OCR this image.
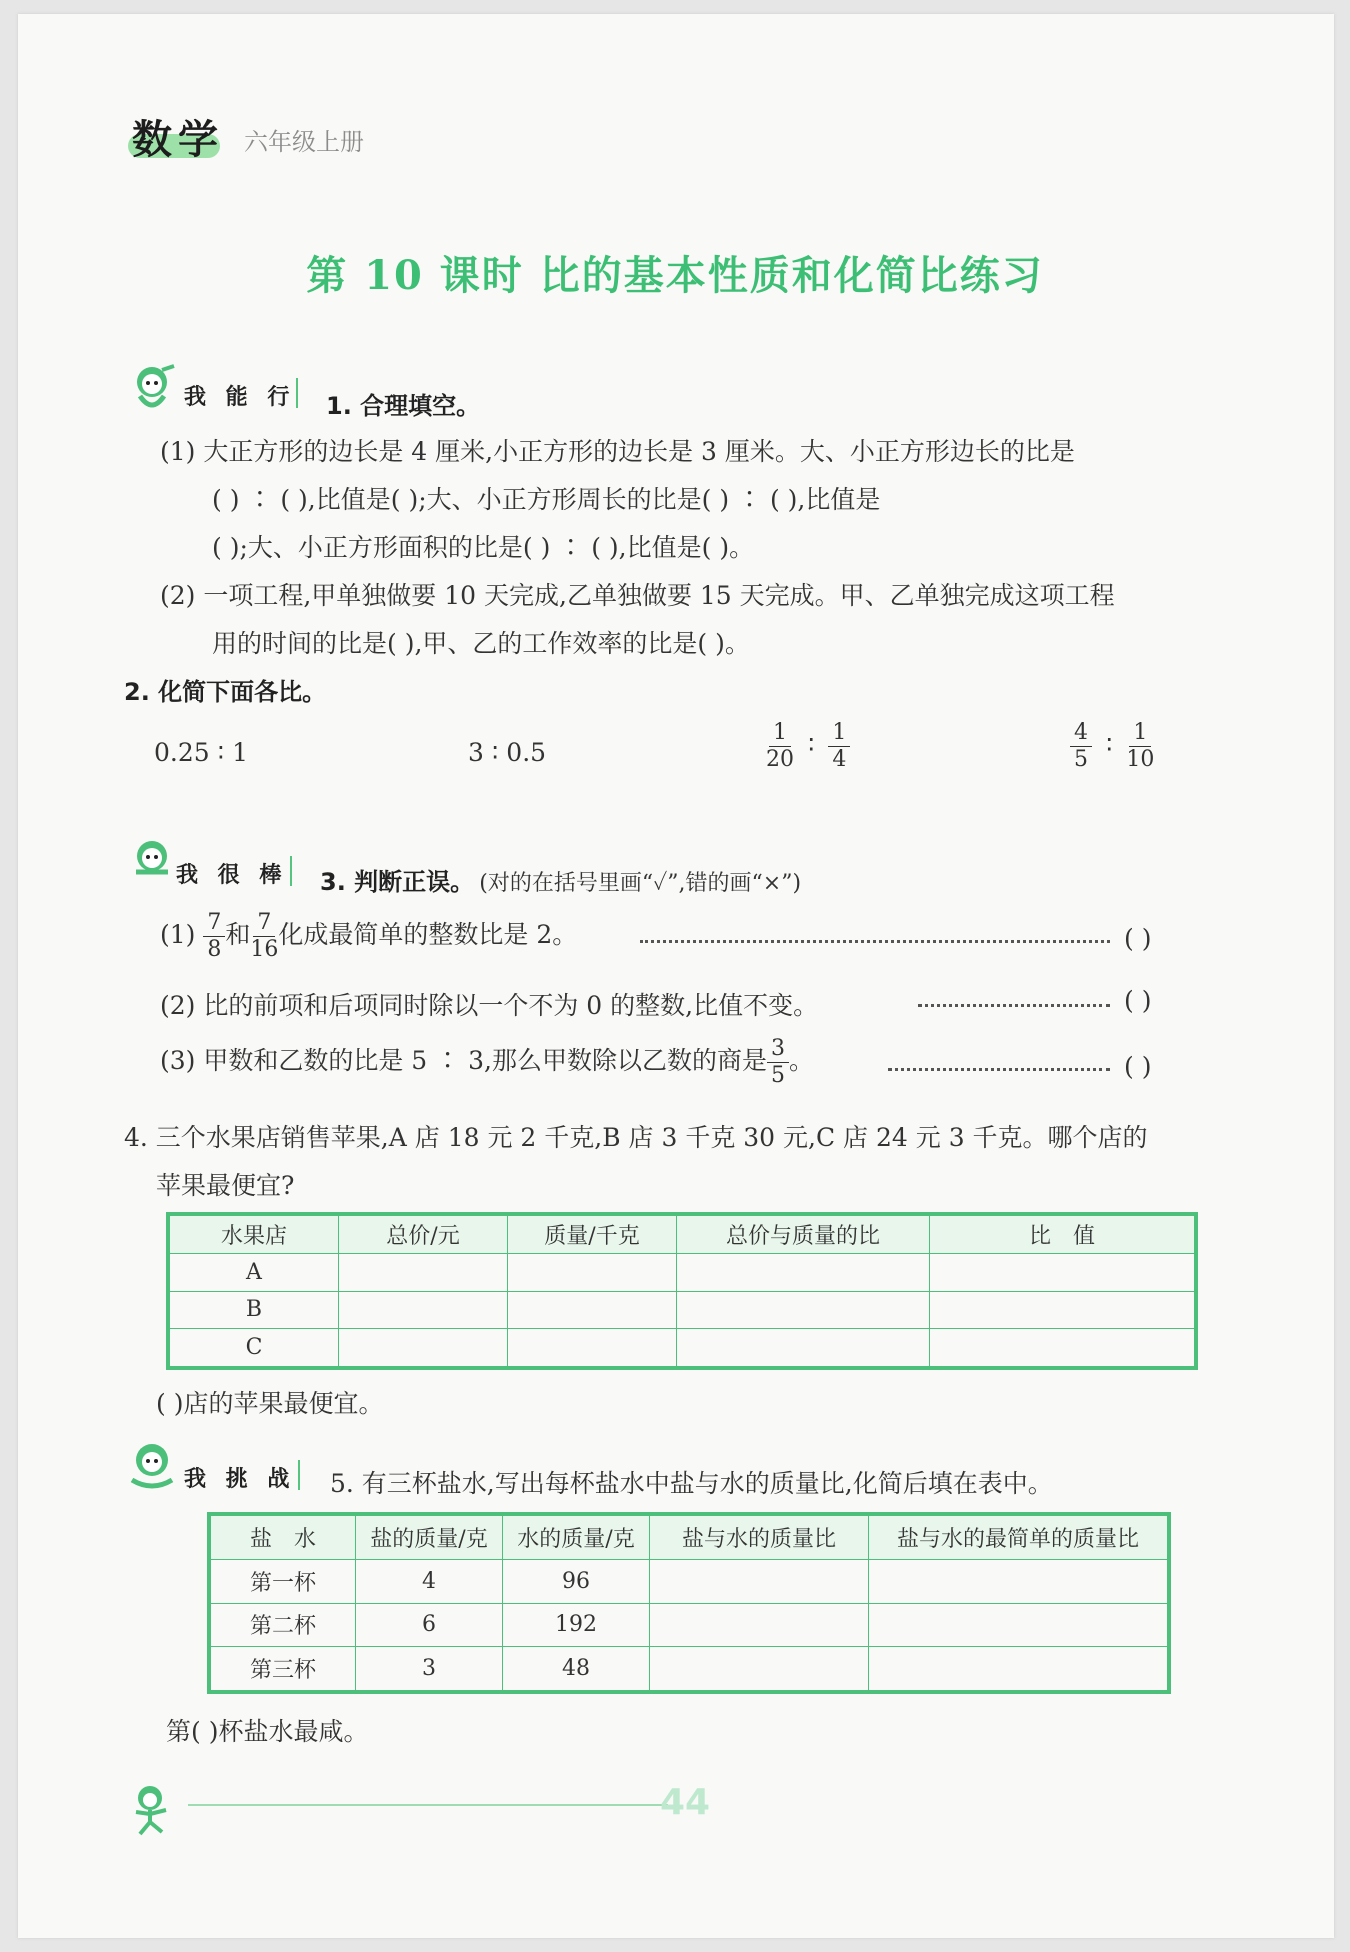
数学 六年级上册
第 10 课时 比的基本性质和化简比练习
我 能 行 1. 合理填空。
(1) 大正方形的边长是 4 厘米,小正方形的边长是 3 厘米。大、小正方形边长的比是
( ) ∶ ( ),比值是( );大、小正方形周长的比是( ) ∶ ( ),比值是
( );大、小正方形面积的比是( ) ∶ ( ),比值是( )。
(2) 一项工程,甲单独做要 10 天完成,乙单独做要 15 天完成。甲、乙单独完成这项工程
用的时间的比是( ),甲、乙的工作效率的比是( )。
2. 化简下面各比。
0.25 ∶ 1	3 ∶ 0.5	$\frac{1}{20}$ ∶ $\frac{1}{4}$	$\frac{4}{5}$ ∶ $\frac{1}{10}$
我 很 棒 3. 判断正误。 (对的在括号里画“✓”,错的画“×”)
$(1) \frac{7}{8}$ 和 $\frac{7}{16}$ 化成最简单的整数比是 2。	( )
(2) 比的前项和后项同时除以一个不为 0 的整数,比值不变。	( )
(3) 甲数和乙数的比是 5 ∶ 3,那么甲数除以乙数的商是 $\frac{3}{5}$ 。	( )
4. 三个水果店销售苹果,A 店 18 元 2 千克,B 店 3 千克 30 元,C 店 24 元 3 千克。哪个店的
苹果最便宜?
水果店	总价/元	质量/千克	总价与质量的比	比　值
A				
B				
C				
( )店的苹果最便宜。
我 挑 战 5. 有三杯盐水,写出每杯盐水中盐与水的质量比,化简后填在表中。
盐　水	盐的质量/克	水的质量/克	盐与水的质量比	盐与水的最简单的质量比
第一杯	4	96		
第二杯	6	192		
第三杯	3	48		
第( )杯盐水最咸。
44
